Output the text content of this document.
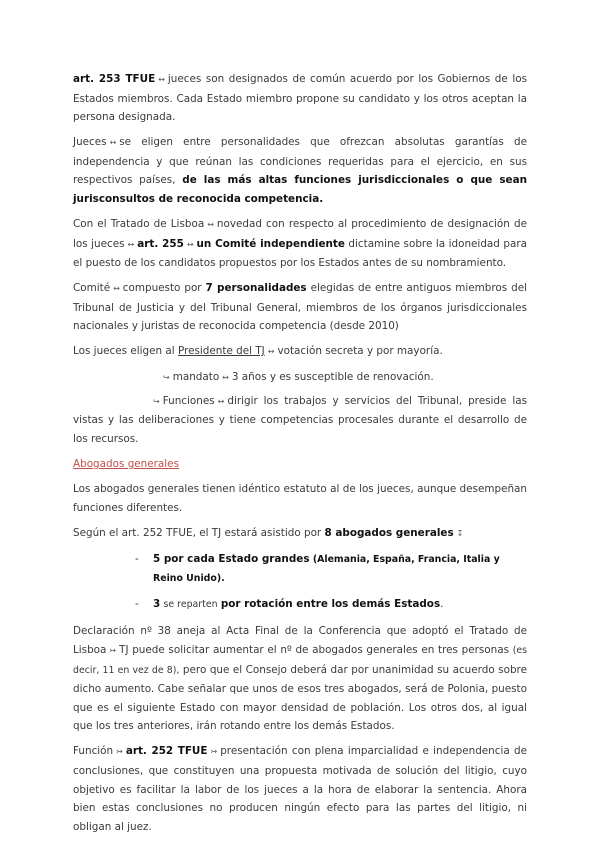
art. 253 TFUE ↔ jueces son designados de común acuerdo por los Gobiernos de los Estados miembros. Cada Estado miembro propone su candidato y los otros aceptan la persona designada.

Jueces ↔ se eligen entre personalidades que ofrezcan absolutas garantías de independencia y que reúnan las condiciones requeridas para el ejercicio, en sus respectivos países, de las más altas funciones jurisdiccionales o que sean jurisconsultos de reconocida competencia.

Con el Tratado de Lisboa ↔ novedad con respecto al procedimiento de designación de los jueces ↔ art. 255 ↔ un Comité independiente dictamine sobre la idoneidad para el puesto de los candidatos propuestos por los Estados antes de su nombramiento.

Comité ↔ compuesto por 7 personalidades elegidas de entre antiguos miembros del Tribunal de Justicia y del Tribunal General, miembros de los órganos jurisdiccionales nacionales y juristas de reconocida competencia (desde 2010)

Los jueces eligen al Presidente del TJ ↔ votación secreta y por mayoría.

↪ mandato ↔ 3 años y es susceptible de renovación.

↪ Funciones ↔ dirigir los trabajos y servicios del Tribunal, preside las vistas y las deliberaciones y tiene competencias procesales durante el desarrollo de los recursos.

Abogados generales

Los abogados generales tienen idéntico estatuto al de los jueces, aunque desempeñan funciones diferentes.

Según el art. 252 TFUE, el TJ estará asistido por 8 abogados generales ↧

- 5 por cada Estado grandes (Alemania, España, Francia, Italia y Reino Unido).
- 3 se reparten por rotación entre los demás Estados.

Declaración nº 38 aneja al Acta Final de la Conferencia que adoptó el Tratado de Lisboa ↣ TJ puede solicitar aumentar el nº de abogados generales en tres personas (es decir, 11 en vez de 8), pero que el Consejo deberá dar por unanimidad su acuerdo sobre dicho aumento. Cabe señalar que unos de esos tres abogados, será de Polonia, puesto que es el siguiente Estado con mayor densidad de población. Los otros dos, al igual que los tres anteriores, irán rotando entre los demás Estados.

Función ↣ art. 252 TFUE ↣ presentación con plena imparcialidad e independencia de conclusiones, que constituyen una propuesta motivada de solución del litigio, cuyo objetivo es facilitar la labor de los jueces a la hora de elaborar la sentencia. Ahora bien estas conclusiones no producen ningún efecto para las partes del litigio, ni obligan al juez.
